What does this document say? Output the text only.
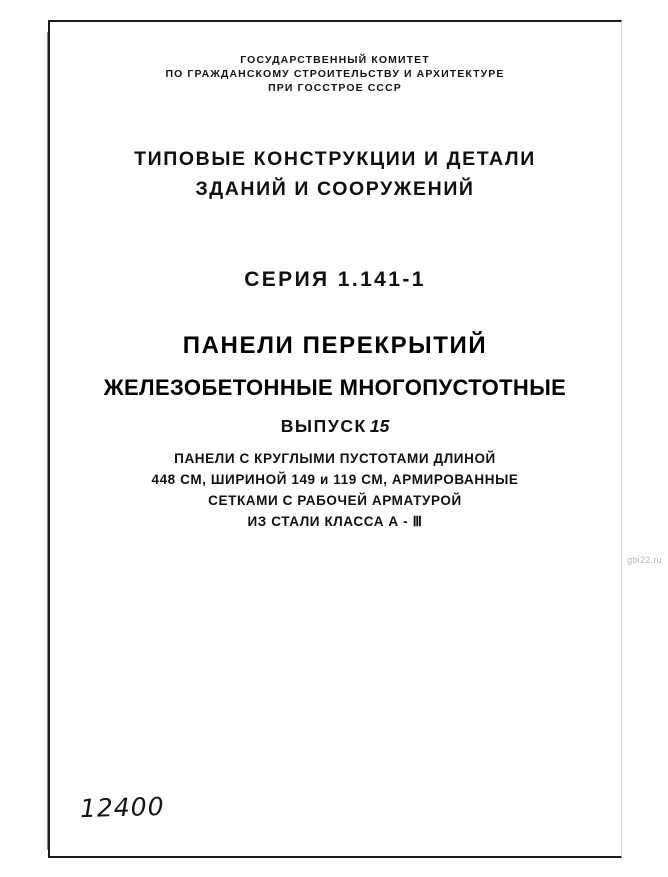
ГОСУДАРСТВЕННЫЙ КОМИТЕТ
ПО ГРАЖДАНСКОМУ СТРОИТЕЛЬСТВУ И АРХИТЕКТУРЕ
ПРИ ГОССТРОЕ СССР
ТИПОВЫЕ КОНСТРУКЦИИ И ДЕТАЛИ
ЗДАНИЙ И СООРУЖЕНИЙ
СЕРИЯ 1.141-1
ПАНЕЛИ ПЕРЕКРЫТИЙ
ЖЕЛЕЗОБЕТОННЫЕ МНОГОПУСТОТНЫЕ
ВЫПУСК 15
ПАНЕЛИ С КРУГЛЫМИ ПУСТОТАМИ ДЛИНОЙ
448 СМ, ШИРИНОЙ 149 и 119 СМ, АРМИРОВАННЫЕ
СЕТКАМИ С РАБОЧЕЙ АРМАТУРОЙ
ИЗ СТАЛИ КЛАССА А - Ⅲ
12400
gbi22.ru
